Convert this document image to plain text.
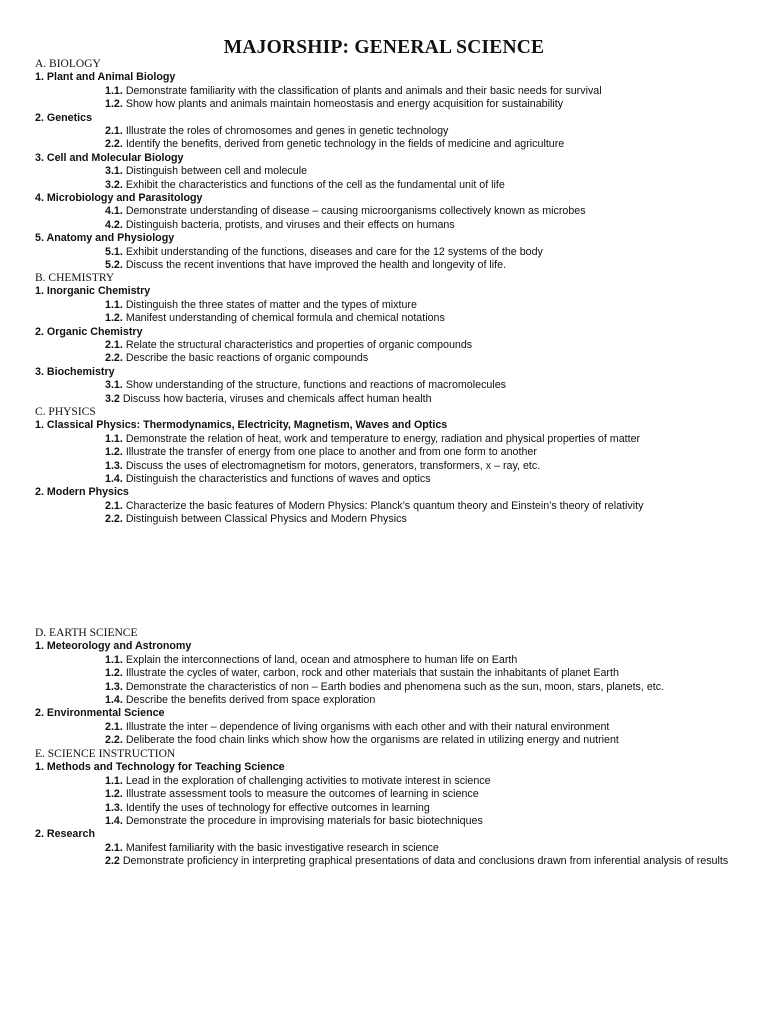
MAJORSHIP: GENERAL SCIENCE
A. BIOLOGY
1. Plant and Animal Biology
1.1. Demonstrate familiarity with the classification of plants and animals and their basic needs for survival
1.2. Show how plants and animals maintain homeostasis and energy acquisition for sustainability
2. Genetics
2.1. Illustrate the roles of chromosomes and genes in genetic technology
2.2. Identify the benefits, derived from genetic technology in the fields of medicine and agriculture
3. Cell and Molecular Biology
3.1. Distinguish between cell and molecule
3.2. Exhibit the characteristics and functions of the cell as the fundamental unit of life
4. Microbiology and Parasitology
4.1. Demonstrate understanding of disease – causing microorganisms collectively known as microbes
4.2. Distinguish bacteria, protists, and viruses and their effects on humans
5. Anatomy and Physiology
5.1. Exhibit understanding of the functions, diseases and care for the 12 systems of the body
5.2. Discuss the recent inventions that have improved the health and longevity of life.
B. CHEMISTRY
1. Inorganic Chemistry
1.1. Distinguish the three states of matter and the types of mixture
1.2. Manifest understanding of chemical formula and chemical notations
2. Organic Chemistry
2.1. Relate the structural characteristics and properties of organic compounds
2.2. Describe the basic reactions of organic compounds
3. Biochemistry
3.1. Show understanding of the structure, functions and reactions of macromolecules
3.2 Discuss how bacteria, viruses and chemicals affect human health
C. PHYSICS
1. Classical Physics: Thermodynamics, Electricity, Magnetism, Waves and Optics
1.1. Demonstrate the relation of heat, work and temperature to energy, radiation and physical properties of matter
1.2. Illustrate the transfer of energy from one place to another and from one form to another
1.3. Discuss the uses of electromagnetism for motors, generators, transformers, x – ray, etc.
1.4. Distinguish the characteristics and functions of waves and optics
2. Modern Physics
2.1. Characterize the basic features of Modern Physics: Planck’s quantum theory and Einstein’s theory of relativity
2.2. Distinguish between Classical Physics and Modern Physics
D. EARTH SCIENCE
1. Meteorology and Astronomy
1.1. Explain the interconnections of land, ocean and atmosphere to human life on Earth
1.2. Illustrate the cycles of water, carbon, rock and other materials that sustain the inhabitants of planet Earth
1.3. Demonstrate the characteristics of non – Earth bodies and phenomena such as the sun, moon, stars, planets, etc.
1.4. Describe the benefits derived from space exploration
2. Environmental Science
2.1. Illustrate the inter – dependence of living organisms with each other and with their natural environment
2.2. Deliberate the food chain links which show how the organisms are related in utilizing energy and nutrient
E. SCIENCE INSTRUCTION
1. Methods and Technology for Teaching Science
1.1. Lead in the exploration of challenging activities to motivate interest in science
1.2. Illustrate assessment tools to measure the outcomes of learning in science
1.3. Identify the uses of technology for effective outcomes in learning
1.4. Demonstrate the procedure in improvising materials for basic biotechniques
2. Research
2.1. Manifest familiarity with the basic investigative research in science
2.2 Demonstrate proficiency in interpreting graphical presentations of data and conclusions drawn from inferential analysis of results
